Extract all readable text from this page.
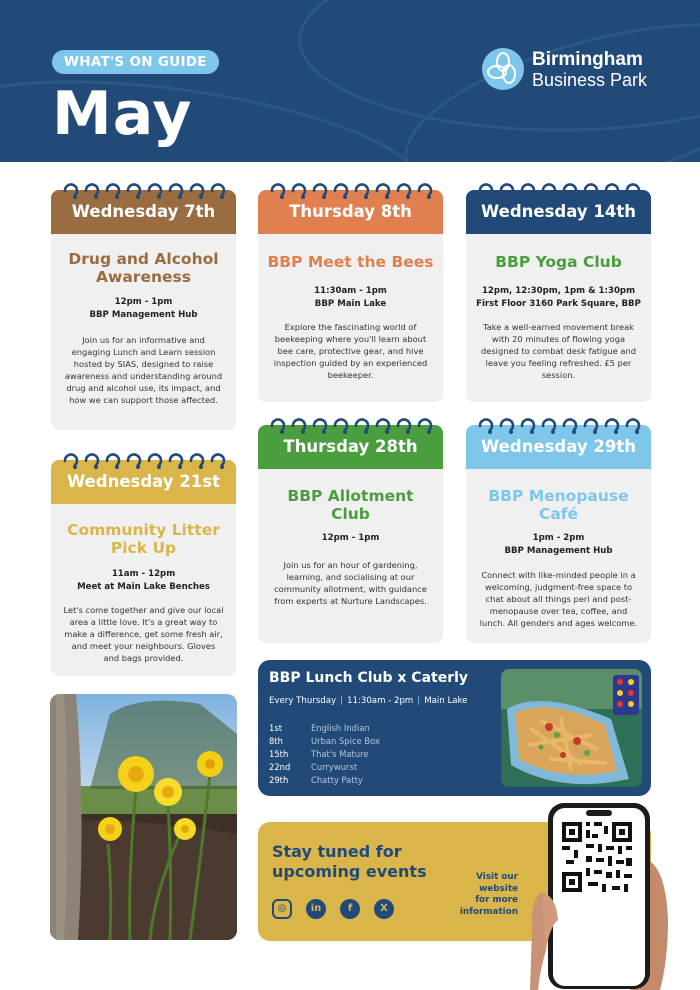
WHAT'S ON GUIDE
May
Birmingham
Business Park
Wednesday 7th
Drug and Alcohol Awareness
12pm - 1pm
BBP Management Hub
Join us for an informative and engaging Lunch and Learn session hosted by SIAS, designed to raise awareness and understanding around drug and alcohol use, its impact, and how we can support those affected.
Thursday 8th
BBP Meet the Bees
11:30am - 1pm
BBP Main Lake
Explore the fascinating world of beekeeping where you'll learn about bee care, protective gear, and hive inspection guided by an experienced beekeeper.
Wednesday 14th
BBP Yoga Club
12pm, 12:30pm, 1pm & 1:30pm
First Floor 3160 Park Square, BBP
Take a well-earned movement break with 20 minutes of flowing yoga designed to combat desk fatigue and leave you feeling refreshed. £5 per session.
Wednesday 21st
Community Litter Pick Up
11am - 12pm
Meet at Main Lake Benches
Let's come together and give our local area a little love. It's a great way to make a difference, get some fresh air, and meet your neighbours. Gloves and bags provided.
Thursday 28th
BBP Allotment Club
12pm - 1pm
Join us for an hour of gardening, learning, and socialising at our community allotment, with guidance from experts at Nurture Landscapes.
Wednesday 29th
BBP Menopause Café
1pm - 2pm
BBP Management Hub
Connect with like-minded people in a welcoming, judgment-free space to chat about all things peri and post-menopause over tea, coffee, and lunch. All genders and ages welcome.
BBP Lunch Club x Caterly
Every Thursday | 11:30am - 2pm | Main Lake
1st	English Indian
8th	Urban Spice Box
15th	That's Mature
22nd Currywurst
29th	Chatty Patty
Stay tuned for
upcoming events
◎	in	f	X
Visit our
website
for more
information
